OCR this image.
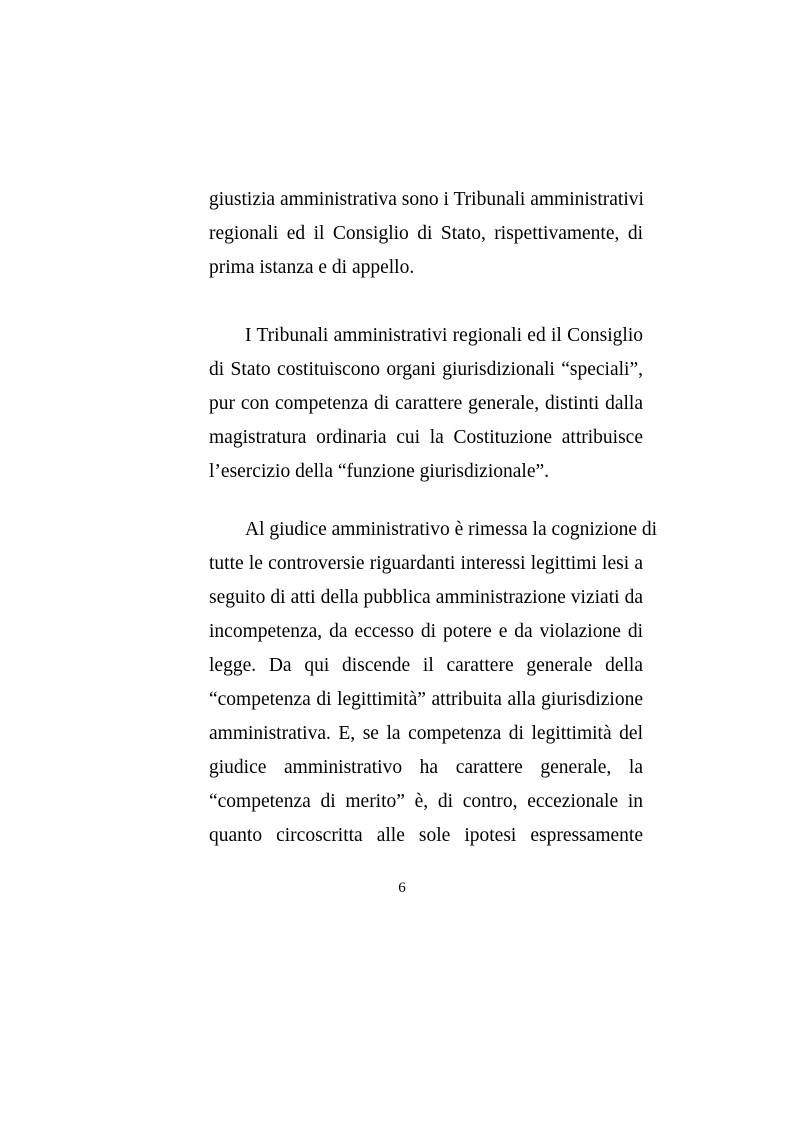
giustizia amministrativa sono i Tribunali amministrativi
regionali ed il Consiglio di Stato, rispettivamente, di
prima istanza e di appello.
I Tribunali amministrativi regionali ed il Consiglio
di Stato costituiscono organi giurisdizionali “speciali”,
pur con competenza di carattere generale, distinti dalla
magistratura ordinaria cui la Costituzione attribuisce
l’esercizio della “funzione giurisdizionale”.
Al giudice amministrativo è rimessa la cognizione di
tutte le controversie riguardanti interessi legittimi lesi a
seguito di atti della pubblica amministrazione viziati da
incompetenza, da eccesso di potere e da violazione di
legge. Da qui discende il carattere generale della
“competenza di legittimità” attribuita alla giurisdizione
amministrativa. E, se la competenza di legittimità del
giudice amministrativo ha carattere generale, la
“competenza di merito” è, di contro, eccezionale in
quanto circoscritta alle sole ipotesi espressamente
6
